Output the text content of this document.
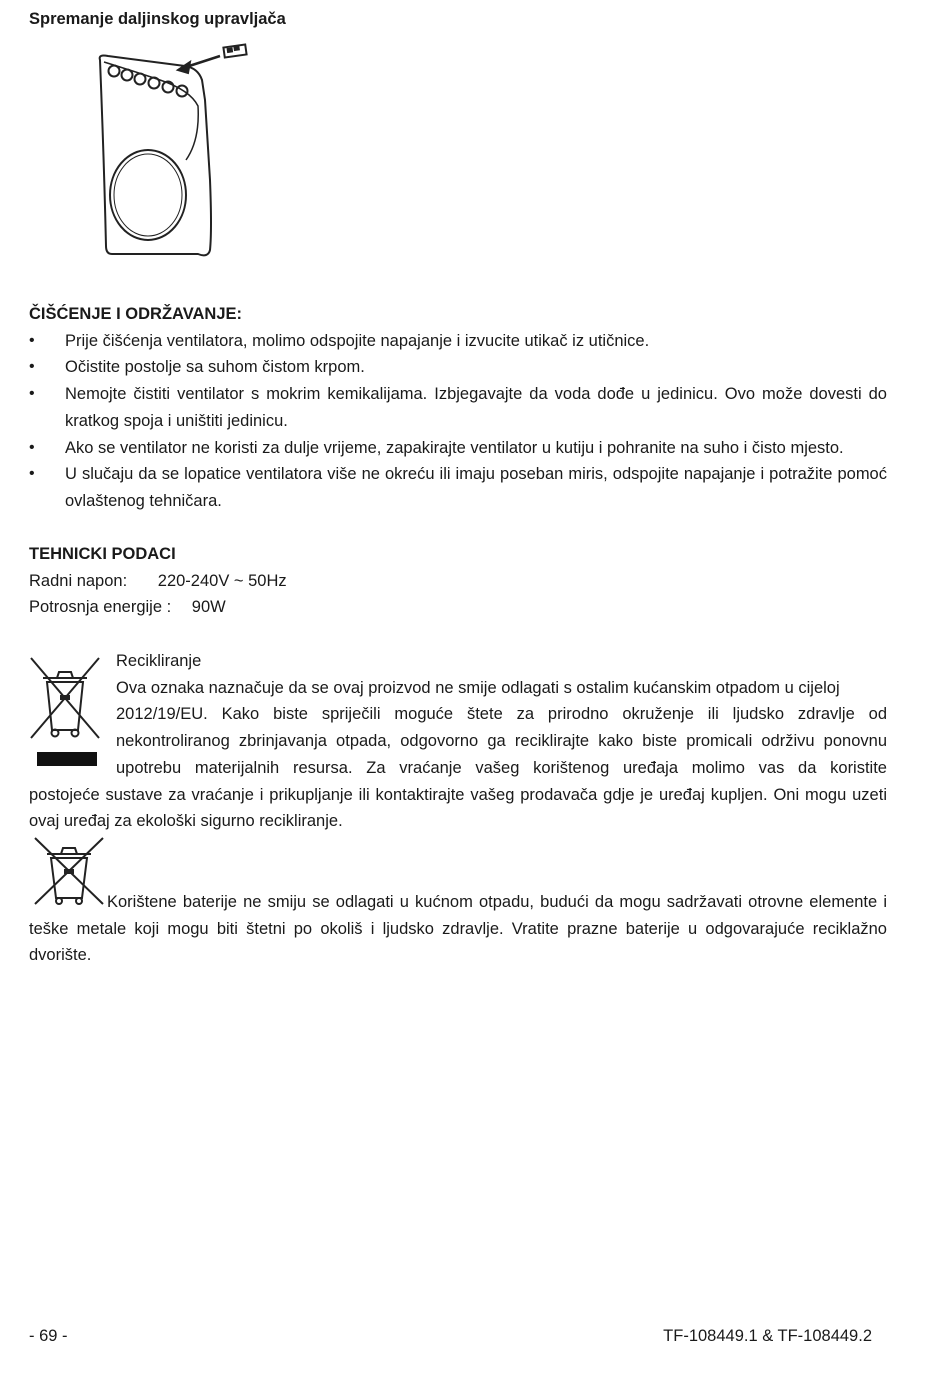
Spremanje daljinskog upravljača
ČIŠĆENJE I ODRŽAVANJE:
• Prije čišćenja ventilatora, molimo odspojite napajanje i izvucite utikač iz utičnice.
• Očistite postolje sa suhom čistom krpom.
• Nemojte čistiti ventilator s mokrim kemikalijama. Izbjegavajte da voda dođe u jedinicu. Ovo može dovesti do kratkog spoja i uništiti jedinicu.
• Ako se ventilator ne koristi za dulje vrijeme, zapakirajte ventilator u kutiju i pohranite na suho i čisto mjesto.
• U slučaju da se lopatice ventilatora više ne okreću ili imaju poseban miris, odspojite napajanje i potražite pomoć ovlaštenog tehničara.
TEHNICKI PODACI
Radni napon: 220-240V ~ 50Hz
Potrosnja energije : 90W

Recikliranje

Ova oznaka naznačuje da se ovaj proizvod ne smije odlagati s ostalim kućanskim otpadom u cijeloj

2012/19/EU. Kako biste spriječili moguće štete za prirodno okruženje ili ljudsko zdravlje od

nekontroliranog zbrinjavanja otpada, odgovorno ga reciklirajte kako biste promicali održivu ponovnu

upotrebu materijalnih resursa. Za vraćanje vašeg korištenog uređaja molimo vas da koristite

postojeće sustave za vraćanje i prikupljanje ili kontaktirajte vašeg prodavača gdje je uređaj kupljen. Oni mogu uzeti ovaj uređaj za ekološki sigurno recikliranje.

Korištene baterije ne smiju se odlagati u kućnom otpadu, budući da mogu sadržavati otrovne elemente i teške metale koji mogu biti štetni po okoliš i ljudsko zdravlje. Vratite prazne baterije u odgovarajuće reciklažno dvorište.

- 69 -	TF-108449.1 & TF-108449.2
